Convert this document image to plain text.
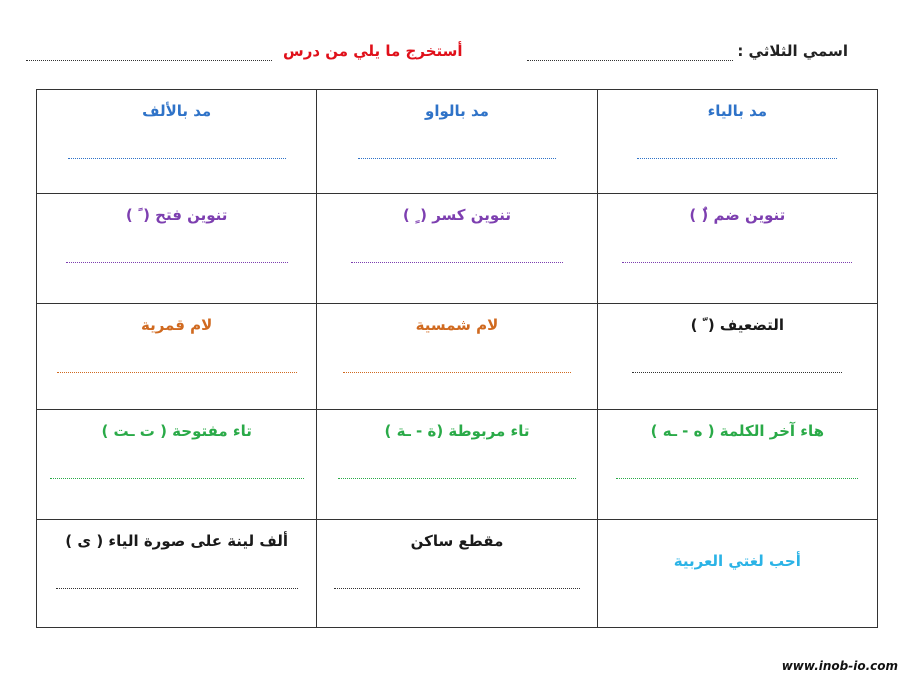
اسمي الثلاثي :
أستخرج ما يلي من درس
مد بالألف	مد بالواو	مد بالياء

تنوين فتح ( ً )	تنوين كسر ( ٍ )	تنوين ضم (ٌ )

لام قمرية	لام شمسية	التضعيف ( ّ )

تاء مفتوحة ( ت ـت )	تاء مربوطة (ة - ـة )	هاء آخر الكلمة ( ه - ـه )

ألف لينة على صورة الياء ( ى )	مقطع ساكن	أحب لغتي العربية
www.inob-io.com
